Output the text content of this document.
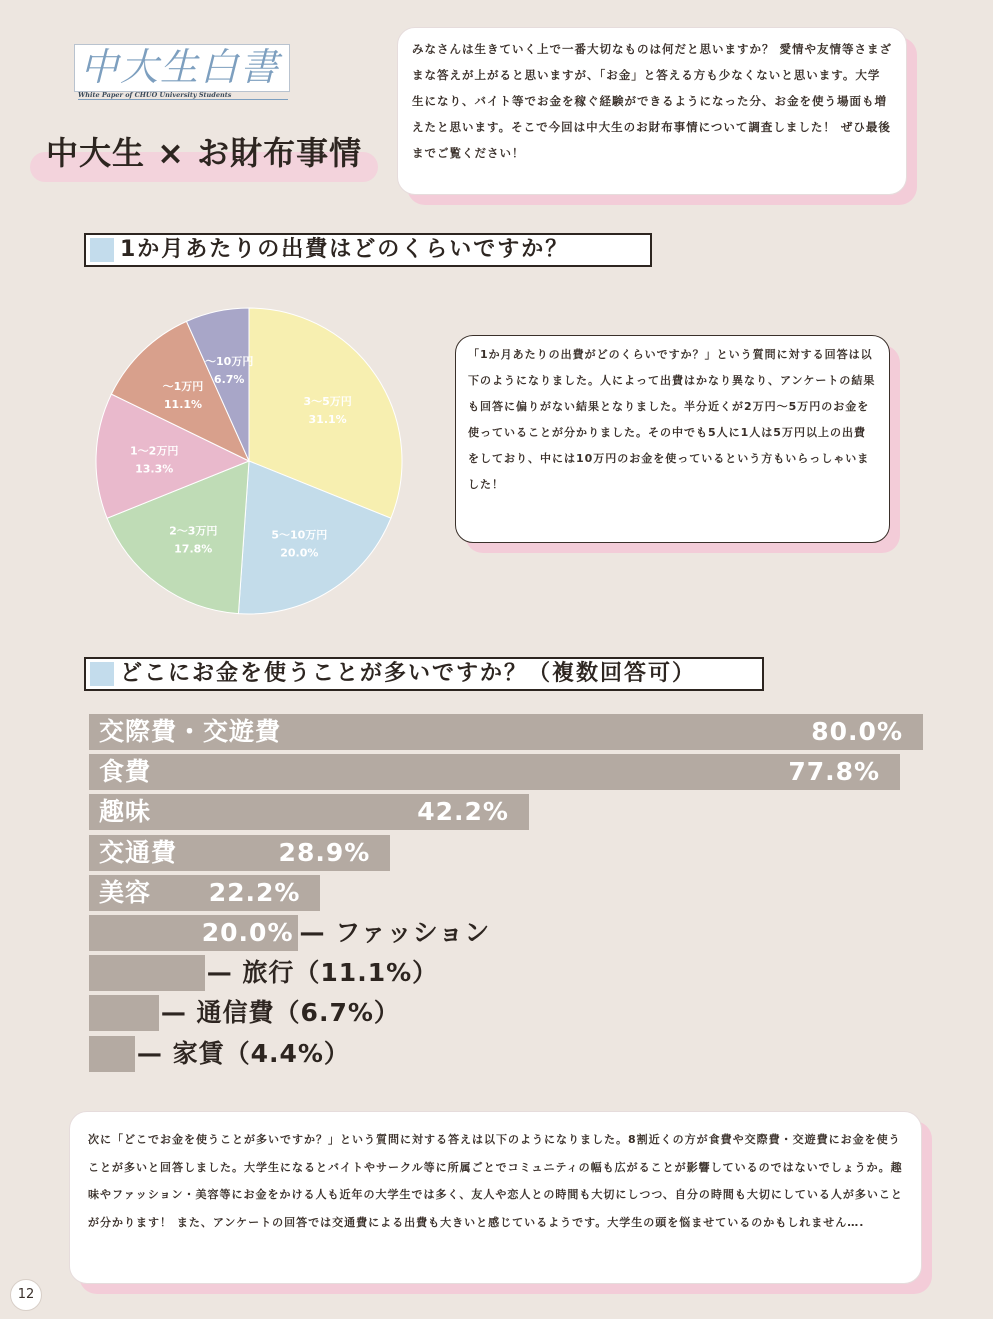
中大生白書
White Paper of CHUO University Students
中大生 × お財布事情

みなさんは生きていく上で一番大切なものは何だと思いますか？ 愛情や友情等さまざまな答えが上がると思いますが、「お金」と答える方も少なくないと思います。大学生になり、バイト等でお金を稼ぐ経験ができるようになった分、お金を使う場面も増えたと思います。そこで今回は中大生のお財布事情について調査しました！ ぜひ最後までご覧ください！

1か月あたりの出費はどのくらいですか？
3〜5万円
31.1%
5〜10万円
20.0%
2〜3万円
17.8%
1〜2万円
13.3%
〜1万円
11.1%
〜10万円
6.7%

「1か月あたりの出費がどのくらいですか？」という質問に対する回答は以下のようになりました。人によって出費はかなり異なり、アンケートの結果も回答に偏りがない結果となりました。半分近くが2万円〜5万円のお金を使っていることが分かりました。その中でも5人に1人は5万円以上の出費をしており、中には10万円のお金を使っているという方もいらっしゃいました！

どこにお金を使うことが多いですか？（複数回答可）
交際費・交遊費	80.0%
食費	77.8%
趣味	42.2%
交通費	28.9%
美容 22.2%
20.0% — ファッション
— 旅行（11.1%）
— 通信費（6.7%）
— 家賃（4.4%）

次に「どこでお金を使うことが多いですか？」という質問に対する答えは以下のようになりました。8割近くの方が食費や交際費・交遊費にお金を使うことが多いと回答しました。大学生になるとバイトやサークル等に所属ごとでコミュニティの幅も広がることが影響しているのではないでしょうか。趣味やファッション・美容等にお金をかける人も近年の大学生では多く、友人や恋人との時間も大切にしつつ、自分の時間も大切にしている人が多いことが分かります！ また、アンケートの回答では交通費による出費も大きいと感じているようです。大学生の頭を悩ませているのかもしれません….

12
